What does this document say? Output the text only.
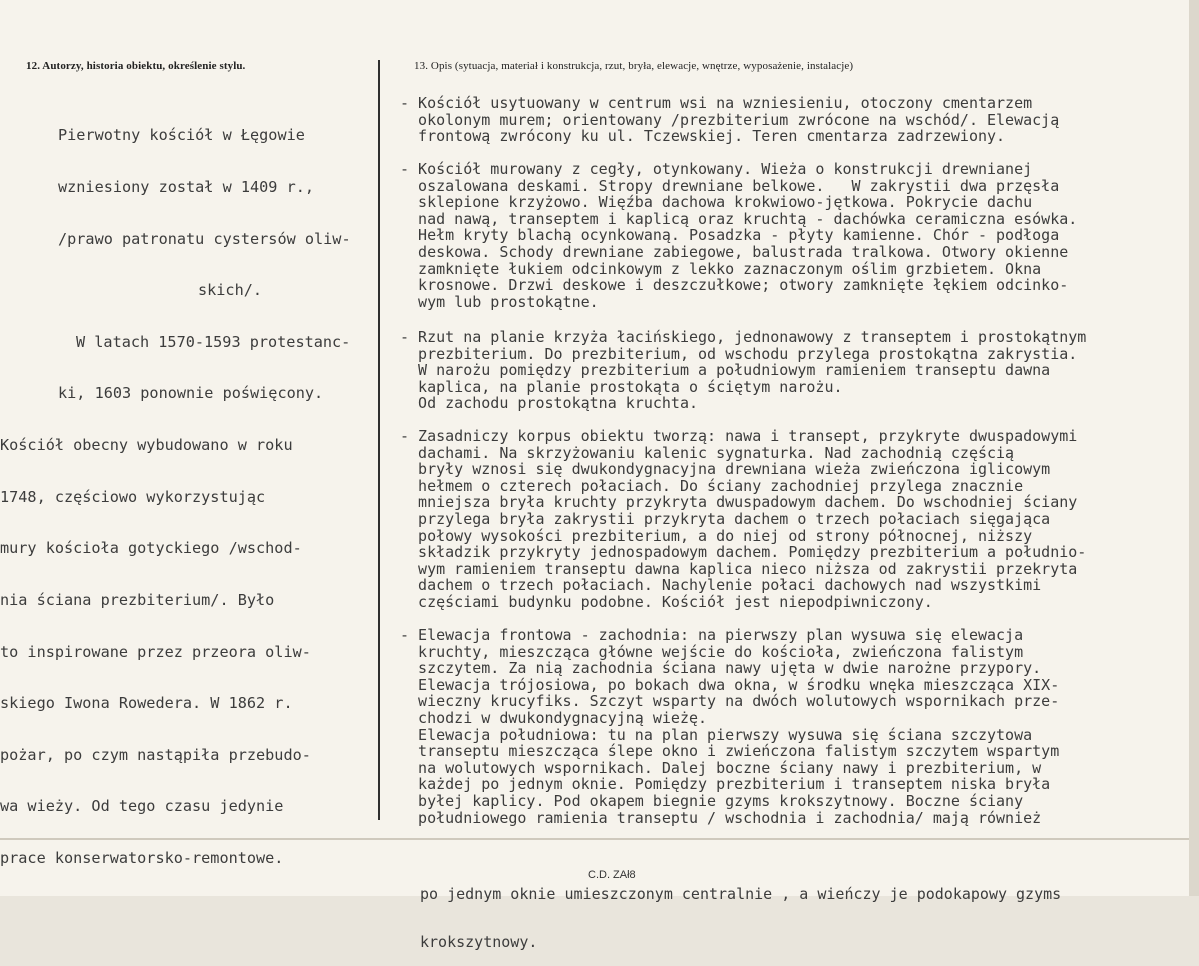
12. Autorzy, historia obiektu, określenie stylu.	13. Opis (sytuacja, materiał i konstrukcja, rzut, bryła, elewacje, wnętrze, wyposażenie, instalacje)

Pierwotny kościół w Łęgowie

wzniesiony został w 1409 r.,

/prawo patronatu cystersów oliw-

skich/.

W latach 1570-1593 protestanc-

ki, 1603 ponownie poświęcony.

Kościół obecny wybudowano w roku

1748, częściowo wykorzystując

mury kościoła gotyckiego /wschod-

nia ściana prezbiterium/. Było

to inspirowane przez przeora oliw-

skiego Iwona Rowedera. W 1862 r.

pożar, po czym nastąpiła przebudo-

wa wieży. Od tego czasu jedynie

prace konserwatorsko-remontowe.

- Kościół usytuowany w centrum wsi na wzniesieniu, otoczony cmentarzem
okolonym murem; orientowany /prezbiterium zwrócone na wschód/. Elewacją
frontową zwrócony ku ul. Tczewskiej. Teren cmentarza zadrzewiony.
- Kościół murowany z cegły, otynkowany. Wieża o konstrukcji drewnianej
oszalowana deskami. Stropy drewniane belkowe.   W zakrystii dwa przęsła
sklepione krzyżowo. Więźba dachowa krokwiowo-jętkowa. Pokrycie dachu
nad nawą, transeptem i kaplicą oraz kruchtą - dachówka ceramiczna esówka.
Hełm kryty blachą ocynkowaną. Posadzka - płyty kamienne. Chór - podłoga
deskowa. Schody drewniane zabiegowe, balustrada tralkowa. Otwory okienne
zamknięte łukiem odcinkowym z lekko zaznaczonym oślim grzbietem. Okna
krosnowe. Drzwi deskowe i deszczułkowe; otwory zamknięte łękiem odcinko-
wym lub prostokątne.
- Rzut na planie krzyża łacińskiego, jednonawowy z transeptem i prostokątnym
prezbiterium. Do prezbiterium, od wschodu przylega prostokątna zakrystia.
W narożu pomiędzy prezbiterium a południowym ramieniem transeptu dawna
kaplica, na planie prostokąta o ściętym narożu.
Od zachodu prostokątna kruchta.
- Zasadniczy korpus obiektu tworzą: nawa i transept, przykryte dwuspadowymi
dachami. Na skrzyżowaniu kalenic sygnaturka. Nad zachodnią częścią
bryły wznosi się dwukondygnacyjna drewniana wieża zwieńczona iglicowym
hełmem o czterech połaciach. Do ściany zachodniej przylega znacznie
mniejsza bryła kruchty przykryta dwuspadowym dachem. Do wschodniej ściany
przylega bryła zakrystii przykryta dachem o trzech połaciach sięgająca
połowy wysokości prezbiterium, a do niej od strony północnej, niższy
składzik przykryty jednospadowym dachem. Pomiędzy prezbiterium a południo-
wym ramieniem transeptu dawna kaplica nieco niższa od zakrystii przekryta
dachem o trzech połaciach. Nachylenie połaci dachowych nad wszystkimi
częściami budynku podobne. Kościół jest niepodpiwniczony.
- Elewacja frontowa - zachodnia: na pierwszy plan wysuwa się elewacja
kruchty, mieszcząca główne wejście do kościoła, zwieńczona falistym
szczytem. Za nią zachodnia ściana nawy ujęta w dwie narożne przypory.
Elewacja trójosiowa, po bokach dwa okna, w środku wnęka mieszcząca XIX-
wieczny krucyfiks. Szczyt wsparty na dwóch wolutowych wspornikach prze-
chodzi w dwukondygnacyjną wieżę.
Elewacja południowa: tu na plan pierwszy wysuwa się ściana szczytowa
transeptu mieszcząca ślepe okno i zwieńczona falistym szczytem wspartym
na wolutowych wspornikach. Dalej boczne ściany nawy i prezbiterium, w
każdej po jednym oknie. Pomiędzy prezbiterium i transeptem niska bryła
byłej kaplicy. Pod okapem biegnie gzyms krokszytnowy. Boczne ściany
południowego ramienia transeptu / wschodnia i zachodnia/ mają również

po jednym oknie umieszczonym centralnie , a wieńczy je podokapowy gzyms

krokszytnowy.

C.D. ZAł8
